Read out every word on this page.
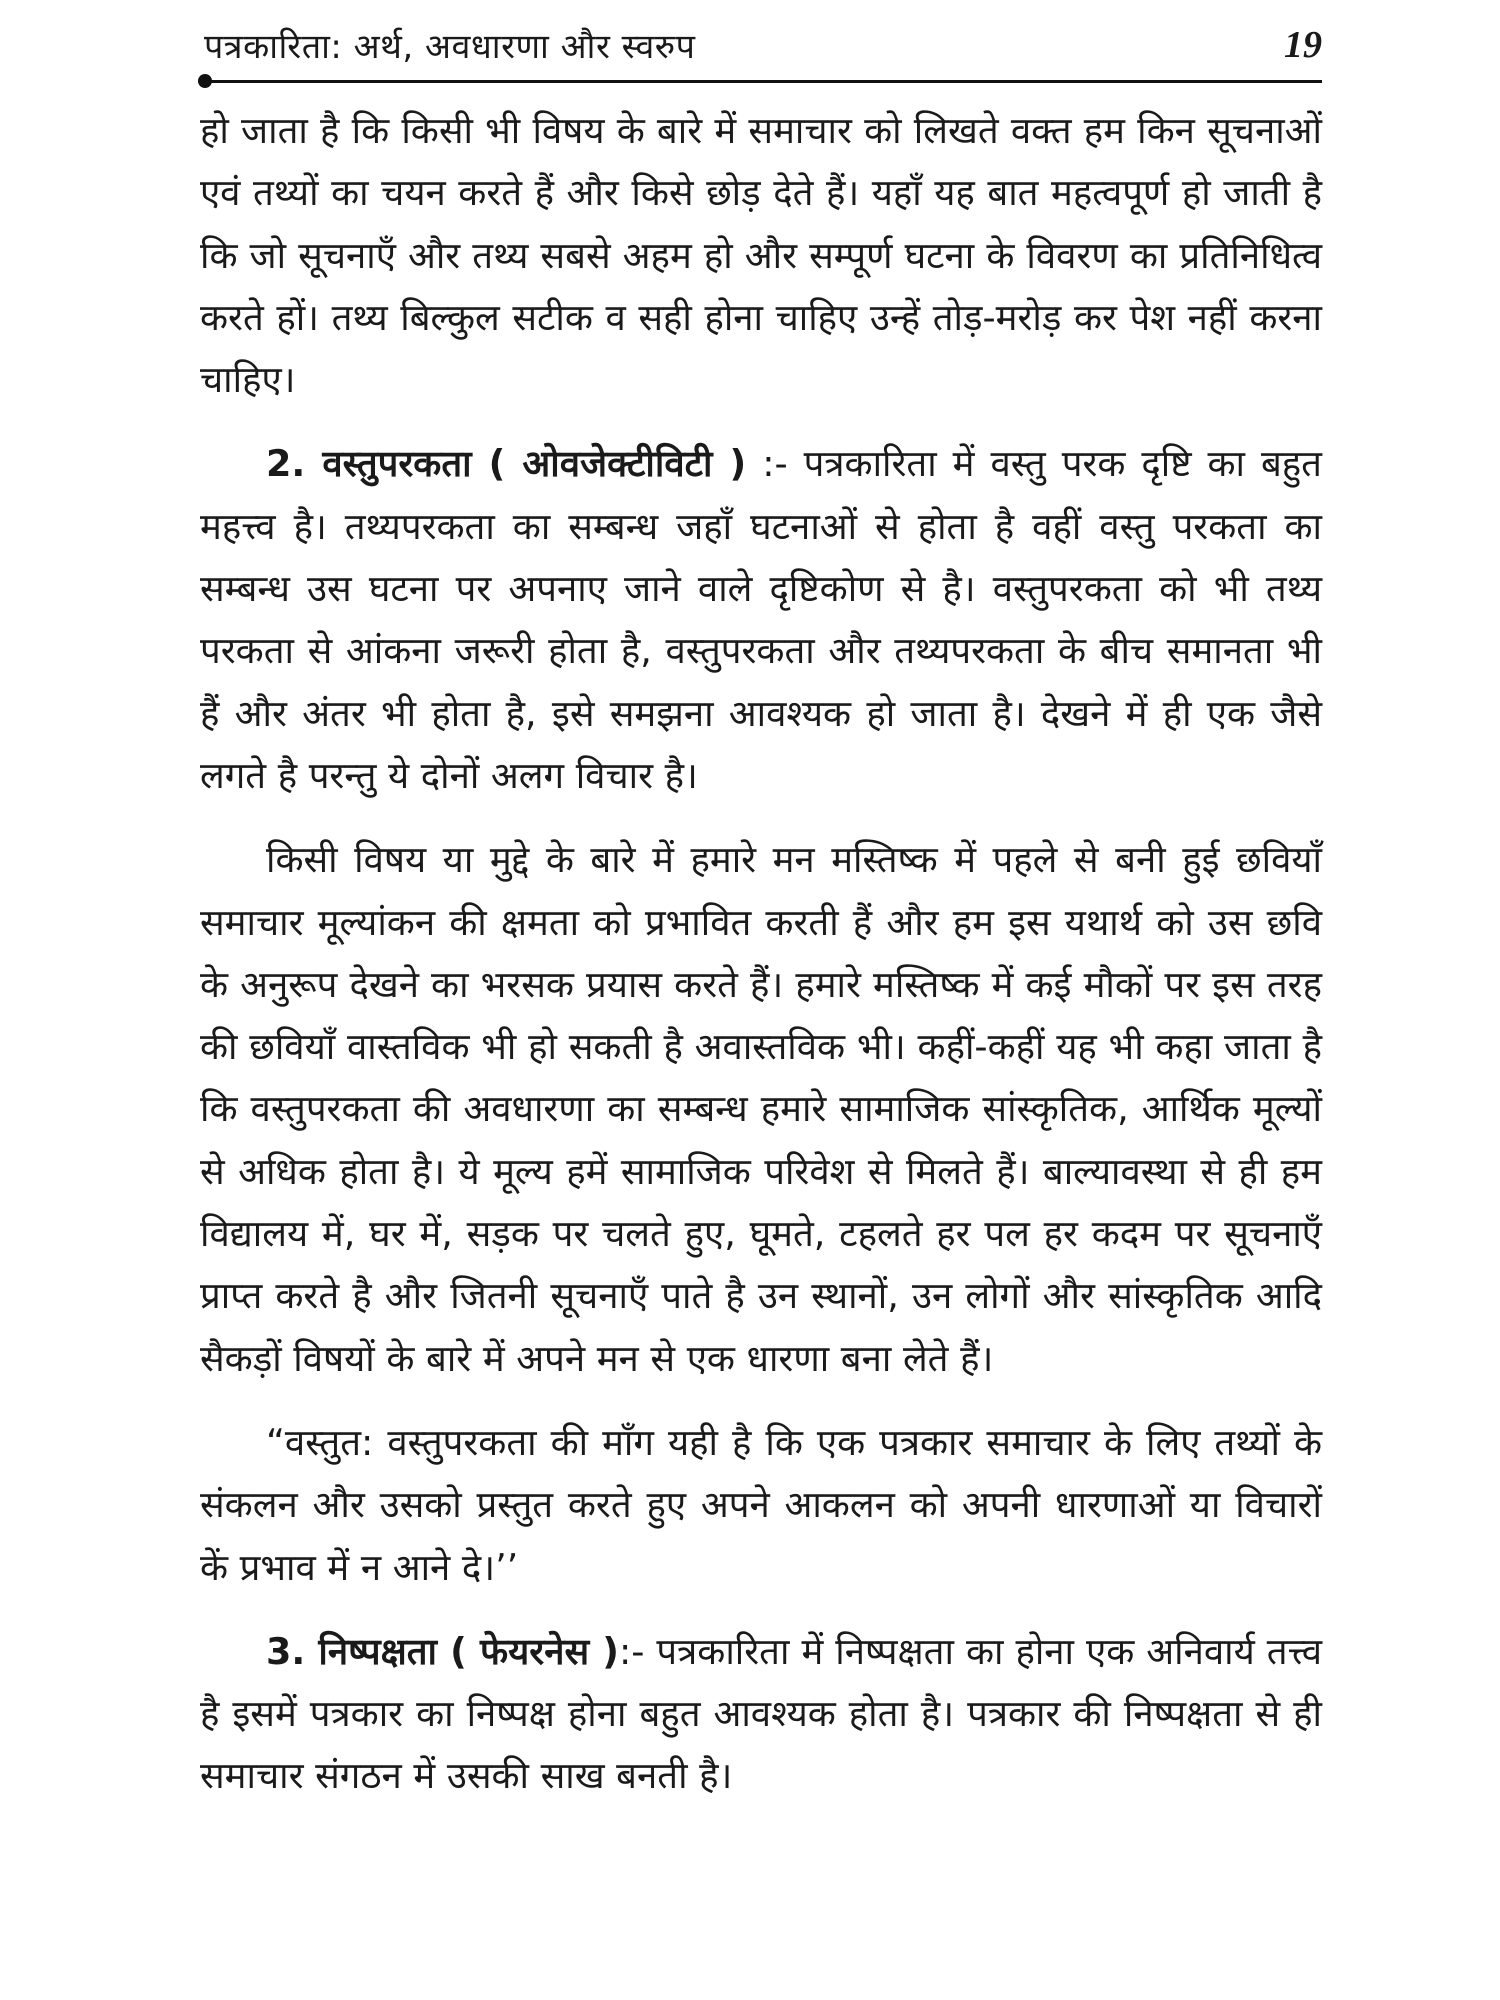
पत्रकारिता: अर्थ, अवधारणा और स्वरुप	19

हो जाता है कि किसी भी विषय के बारे में समाचार को लिखते वक्त हम किन सूचनाओं एवं तथ्यों का चयन करते हैं और किसे छोड़ देते हैं। यहाँ यह बात महत्वपूर्ण हो जाती है कि जो सूचनाएँ और तथ्य सबसे अहम हो और सम्पूर्ण घटना के विवरण का प्रतिनिधित्व करते हों। तथ्य बिल्कुल सटीक व सही होना चाहिए उन्हें तोड़-मरोड़ कर पेश नहीं करना चाहिए।

2. वस्तुपरकता ( ओवजेक्टीविटी ) :- पत्रकारिता में वस्तु परक दृष्टि का बहुत महत्त्व है। तथ्यपरकता का सम्बन्ध जहाँ घटनाओं से होता है वहीं वस्तु परकता का सम्बन्ध उस घटना पर अपनाए जाने वाले दृष्टिकोण से है। वस्तुपरकता को भी तथ्य परकता से आंकना जरूरी होता है, वस्तुपरकता और तथ्यपरकता के बीच समानता भी हैं और अंतर भी होता है, इसे समझना आवश्यक हो जाता है। देखने में ही एक जैसे लगते है परन्तु ये दोनों अलग विचार है।

किसी विषय या मुद्दे के बारे में हमारे मन मस्तिष्क में पहले से बनी हुई छवियाँ समाचार मूल्यांकन की क्षमता को प्रभावित करती हैं और हम इस यथार्थ को उस छवि के अनुरूप देखने का भरसक प्रयास करते हैं। हमारे मस्तिष्क में कई मौकों पर इस तरह की छवियाँ वास्तविक भी हो सकती है अवास्तविक भी। कहीं-कहीं यह भी कहा जाता है कि वस्तुपरकता की अवधारणा का सम्बन्ध हमारे सामाजिक सांस्कृतिक, आर्थिक मूल्यों से अधिक होता है। ये मूल्य हमें सामाजिक परिवेश से मिलते हैं। बाल्यावस्था से ही हम विद्यालय में, घर में, सड़क पर चलते हुए, घूमते, टहलते हर पल हर कदम पर सूचनाएँ प्राप्त करते है और जितनी सूचनाएँ पाते है उन स्थानों, उन लोगों और सांस्कृतिक आदि सैकड़ों विषयों के बारे में अपने मन से एक धारणा बना लेते हैं।

“वस्तुत: वस्तुपरकता की माँग यही है कि एक पत्रकार समाचार के लिए तथ्यों के संकलन और उसको प्रस्तुत करते हुए अपने आकलन को अपनी धारणाओं या विचारों कें प्रभाव में न आने दे।’’

3. निष्पक्षता ( फेयरनेस ):- पत्रकारिता में निष्पक्षता का होना एक अनिवार्य तत्त्व है इसमें पत्रकार का निष्पक्ष होना बहुत आवश्यक होता है। पत्रकार की निष्पक्षता से ही समाचार संगठन में उसकी साख बनती है।
